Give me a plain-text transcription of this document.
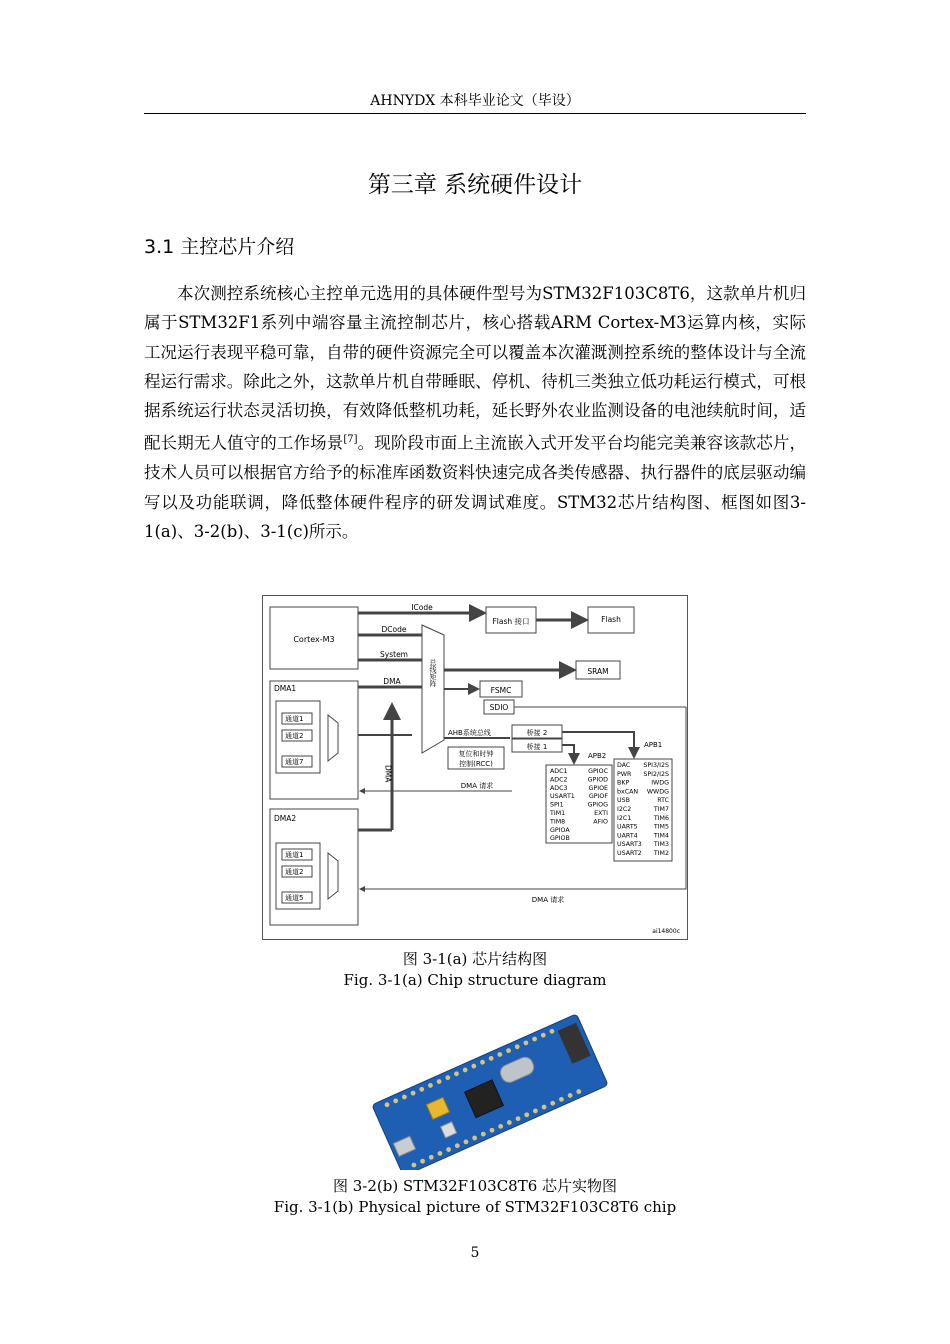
AHNYDX 本科毕业论文（毕设）
第三章 系统硬件设计
3.1 主控芯片介绍

本次测控系统核心主控单元选用的具体硬件型号为STM32F103C8T6，这款单片机归属于STM32F1系列中端容量主流控制芯片，核心搭载ARM Cortex-M3运算内核，实际工况运行表现平稳可靠，自带的硬件资源完全可以覆盖本次灌溉测控系统的整体设计与全流程运行需求。除此之外，这款单片机自带睡眠、停机、待机三类独立低功耗运行模式，可根据系统运行状态灵活切换，有效降低整机功耗，延长野外农业监测设备的电池续航时间，适配长期无人值守的工作场景[7]。现阶段市面上主流嵌入式开发平台均能完美兼容该款芯片，技术人员可以根据官方给予的标准库函数资料快速完成各类传感器、执行器件的底层驱动编写以及功能联调，降低整体硬件程序的研发调试难度。STM32芯片结构图、框图如图3-1(a)、3-2(b)、3-1(c)所示。

Cortex-M3
ICode
DCode
System
Flash 接口	Flash
总线矩阵	SRAM
FSMC
SDIO
DMA
AHB系统总线	桥接 2
桥接 1
复位和时钟
控制(RCC)
APB2
APB1
ADC1
ADC2
ADC3
USART1
SPI1
TIM1
TIM8
GPIOA
GPIOB
GPIOC
GPIOD
GPIOE
GPIOF
GPIOG
EXTI
AFIO
DAC
PWR
BKP
bxCAN
USB
I2C2
I2C1
UART5
UART4
USART3
USART2
SPI3/I2S
SPI2/I2S
IWDG
WWDG
RTC
TIM7
TIM6
TIM5
TIM4
TIM3
TIM2
DMA1
通道1
通道2
通道7
DMA
DMA 请求
DMA2
通道1
通道2
通道5	DMA 请求
ai14800c
图 3-1(a) 芯片结构图
Fig. 3-1(a) Chip structure diagram
图 3-2(b) STM32F103C8T6 芯片实物图
Fig. 3-1(b) Physical picture of STM32F103C8T6 chip
5
